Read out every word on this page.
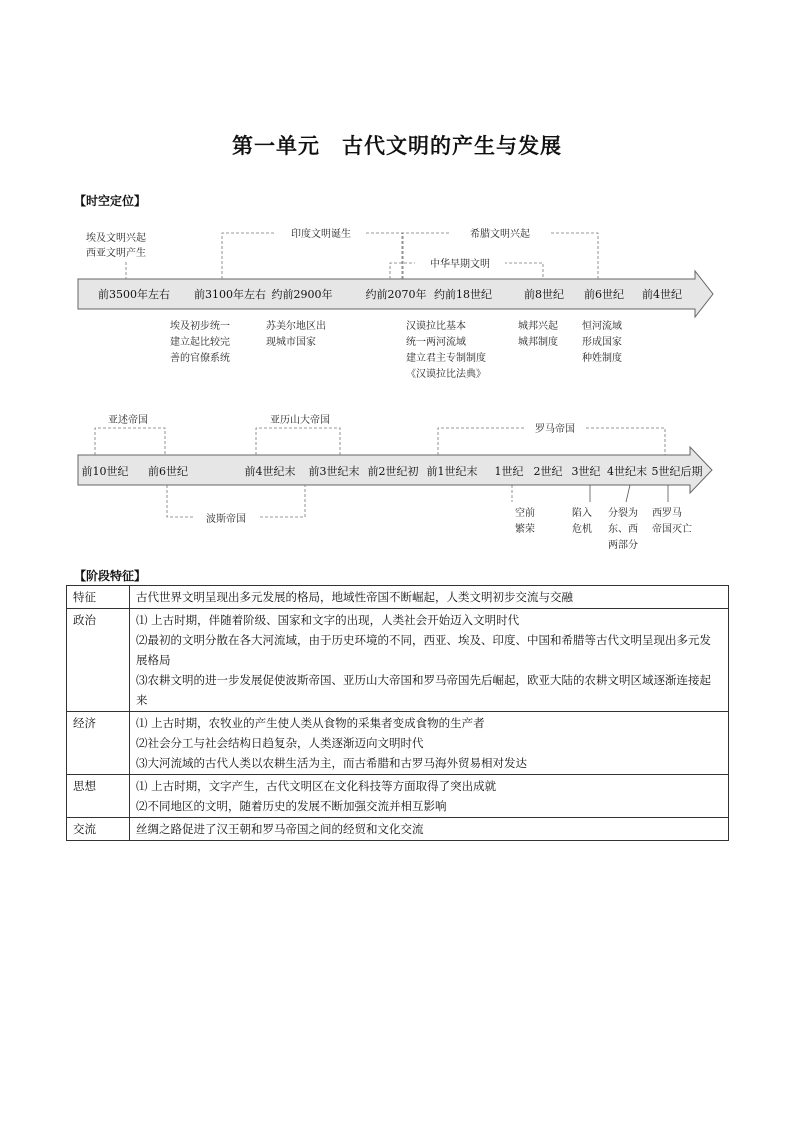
第一单元　古代文明的产生与发展
【时空定位】
印度文明诞生	希腊文明兴起
中华早期文明
埃及文明兴起
西亚文明产生
前3500年左右 前3100年左右 约前2900年	约前2070年 约前18世纪	前8世纪 前6世纪 前4世纪
埃及初步统一
建立起比较完
善的官僚系统
苏美尔地区出
现城市国家
汉谟拉比基本
统一两河流域
建立君主专制制度
《汉谟拉比法典》
城邦兴起
城邦制度
恒河流域
形成国家
种姓制度
亚述帝国	亚历山大帝国
罗马帝国
波斯帝国
前10世纪 前6世纪	前4世纪末 前3世纪末 前2世纪初 前1世纪末 1世纪 2世纪 3世纪 4世纪末 5世纪后期
空前
繁荣
陷入
危机
分裂为
东、西
两部分
西罗马
帝国灭亡
【阶段特征】
特征	古代世界文明呈现出多元发展的格局，地域性帝国不断崛起，人类文明初步交流与交融

政治	⑴ 上古时期，伴随着阶级、国家和文字的出现，人类社会开始迈入文明时代
⑵最初的文明分散在各大河流域，由于历史环境的不同，西亚、埃及、印度、中国和希腊等古代文明呈现出多元发展格局
⑶农耕文明的进一步发展促使波斯帝国、亚历山大帝国和罗马帝国先后崛起，欧亚大陆的农耕文明区域逐渐连接起来

经济	⑴ 上古时期，农牧业的产生使人类从食物的采集者变成食物的生产者
⑵社会分工与社会结构日趋复杂，人类逐渐迈向文明时代
⑶大河流域的古代人类以农耕生活为主，而古希腊和古罗马海外贸易相对发达

思想	⑴ 上古时期，文字产生，古代文明区在文化科技等方面取得了突出成就
⑵不同地区的文明，随着历史的发展不断加强交流并相互影响

交流	丝绸之路促进了汉王朝和罗马帝国之间的经贸和文化交流
